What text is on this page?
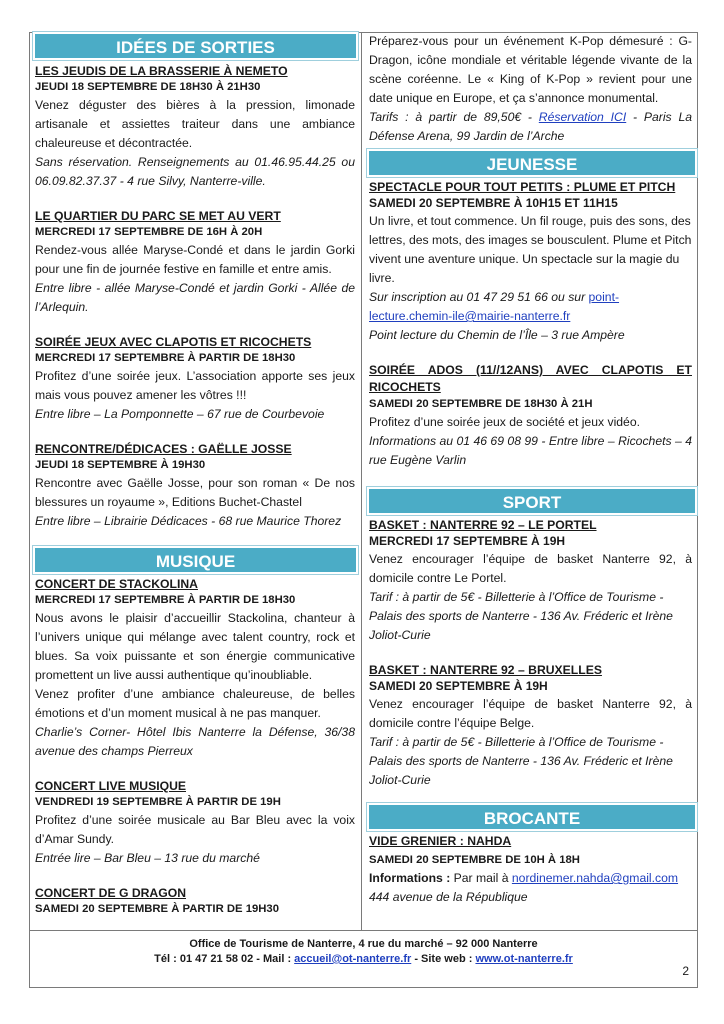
IDÉES DE SORTIES
LES JEUDIS DE LA BRASSERIE À NEMETO
JEUDI 18 SEPTEMBRE DE 18H30 À 21H30
Venez déguster des bières à la pression, limonade artisanale et assiettes traiteur dans une ambiance chaleureuse et décontractée.
Sans réservation. Renseignements au 01.46.95.44.25 ou 06.09.82.37.37 - 4 rue Silvy, Nanterre-ville.
LE QUARTIER DU PARC SE MET AU VERT
MERCREDI 17 SEPTEMBRE DE 16H À 20H
Rendez-vous allée Maryse-Condé et dans le jardin Gorki pour une fin de journée festive en famille et entre amis.
Entre libre - allée Maryse-Condé et jardin Gorki - Allée de l’Arlequin.
SOIRÉE JEUX AVEC CLAPOTIS ET RICOCHETS
MERCREDI 17 SEPTEMBRE À PARTIR DE 18H30
Profitez d’une soirée jeux. L’association apporte ses jeux mais vous pouvez amener les vôtres !!!
Entre libre – La Pomponnette – 67 rue de Courbevoie
RENCONTRE/DÉDICACES : GAËLLE JOSSE
JEUDI 18 SEPTEMBRE À 19H30
Rencontre avec Gaëlle Josse, pour son roman « De nos blessures un royaume », Editions Buchet-Chastel
Entre libre – Librairie Dédicaces - 68 rue Maurice Thorez
MUSIQUE
CONCERT DE STACKOLINA
MERCREDI 17 SEPTEMBRE À PARTIR DE 18H30
Nous avons le plaisir d’accueillir Stackolina, chanteur à l’univers unique qui mélange avec talent country, rock et blues. Sa voix puissante et son énergie communicative promettent un live aussi authentique qu’inoubliable.
Venez profiter d’une ambiance chaleureuse, de belles émotions et d’un moment musical à ne pas manquer.
Charlie’s Corner- Hôtel Ibis Nanterre la Défense, 36/38 avenue des champs Pierreux
CONCERT LIVE MUSIQUE
VENDREDI 19 SEPTEMBRE À PARTIR DE 19H
Profitez d’une soirée musicale au Bar Bleu avec la voix d’Amar Sundy.
Entrée lire – Bar Bleu – 13 rue du marché
CONCERT DE G DRAGON
SAMEDI 20 SEPTEMBRE À PARTIR DE 19H30
Préparez-vous pour un événement K-Pop démesuré : G-Dragon, icône mondiale et véritable légende vivante de la scène coréenne. Le « King of K-Pop » revient pour une date unique en Europe, et ça s’annonce monumental.
Tarifs : à partir de 89,50€ - Réservation ICI - Paris La Défense Arena, 99 Jardin de l’Arche
JEUNESSE
SPECTACLE POUR TOUT PETITS : PLUME ET PITCH
SAMEDI 20 SEPTEMBRE À 10H15 ET 11H15
Un livre, et tout commence. Un fil rouge, puis des sons, des lettres, des mots, des images se bousculent. Plume et Pitch vivent une aventure unique. Un spectacle sur la magie du livre.
Sur inscription au 01 47 29 51 66 ou sur point-lecture.chemin-ile@mairie-nanterre.fr
Point lecture du Chemin de l’Île – 3 rue Ampère
SOIRÉE ADOS (11//12ANS) AVEC CLAPOTIS ET RICOCHETS
SAMEDI 20 SEPTEMBRE DE 18H30 À 21H
Profitez d’une soirée jeux de société et jeux vidéo.
Informations au 01 46 69 08 99 - Entre libre – Ricochets – 4 rue Eugène Varlin
SPORT
BASKET : NANTERRE 92 – LE PORTEL
MERCREDI 17 SEPTEMBRE À 19H
Venez encourager l’équipe de basket Nanterre 92, à domicile contre Le Portel.
Tarif : à partir de 5€ - Billetterie à l’Office de Tourisme - Palais des sports de Nanterre - 136 Av. Fréderic et Irène Joliot-Curie
BASKET : NANTERRE 92 – BRUXELLES
SAMEDI 20 SEPTEMBRE À 19H
Venez encourager l’équipe de basket Nanterre 92, à domicile contre l’équipe Belge.
Tarif : à partir de 5€ - Billetterie à l’Office de Tourisme - Palais des sports de Nanterre - 136 Av. Fréderic et Irène Joliot-Curie
BROCANTE
VIDE GRENIER : NAHDA
SAMEDI 20 SEPTEMBRE DE 10H À 18H
Informations : Par mail à nordinemer.nahda@gmail.com
444 avenue de la République
Office de Tourisme de Nanterre, 4 rue du marché – 92 000 Nanterre
Tél : 01 47 21 58 02 - Mail : accueil@ot-nanterre.fr - Site web : www.ot-nanterre.fr
2
